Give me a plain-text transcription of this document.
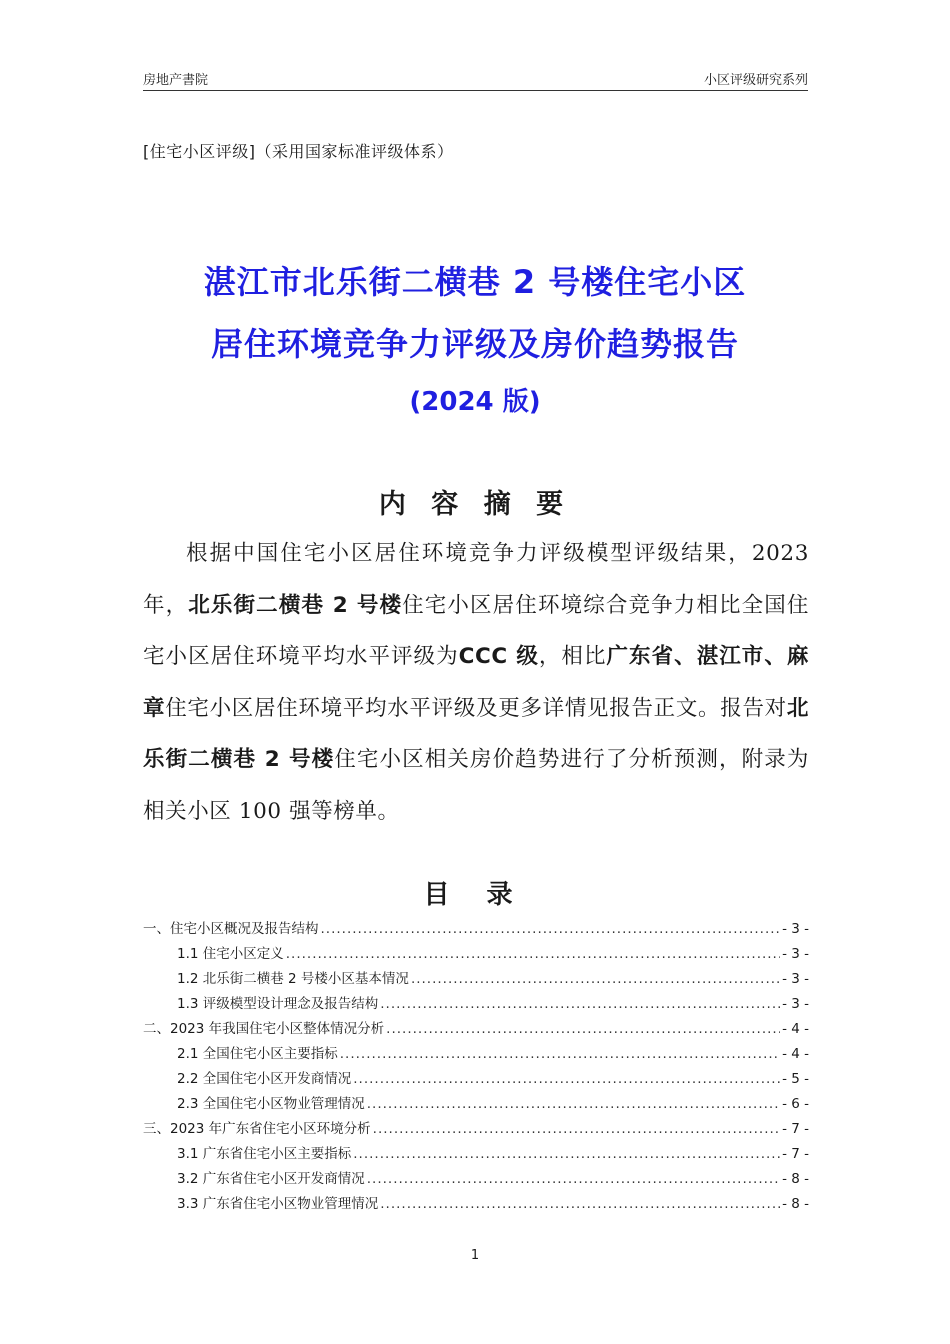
房地产書院	小区评级研究系列
[住宅小区评级]（采用国家标准评级体系）
湛江市北乐街二横巷 2 号楼住宅小区
居住环境竞争力评级及房价趋势报告
(2024 版)
内 容 摘 要

根据中国住宅小区居住环境竞争力评级模型评级结果，2023 年，北乐街二横巷 2 号楼住宅小区居住环境综合竞争力相比全国住宅小区居住环境平均水平评级为CCC 级，相比广东省、湛江市、麻章住宅小区居住环境平均水平评级及更多详情见报告正文。报告对北乐街二横巷 2 号楼住宅小区相关房价趋势进行了分析预测，附录为相关小区 100 强等榜单。

目 录
一、住宅小区概况及报告结构 .....	- 3 -
1.1 住宅小区定义 .....	- 3 -
1.2 北乐街二横巷 2 号楼小区基本情况 .....	- 3 -
1.3 评级模型设计理念及报告结构 .....	- 3 -
二、2023 年我国住宅小区整体情况分析 .....	- 4 -
2.1 全国住宅小区主要指标 .....	- 4 -
2.2 全国住宅小区开发商情况 .....	- 5 -
2.3 全国住宅小区物业管理情况 .....	- 6 -
三、2023 年广东省住宅小区环境分析 .....	- 7 -
3.1 广东省住宅小区主要指标 .....	- 7 -
3.2 广东省住宅小区开发商情况 .....	- 8 -
3.3 广东省住宅小区物业管理情况 .....	- 8 -
1
